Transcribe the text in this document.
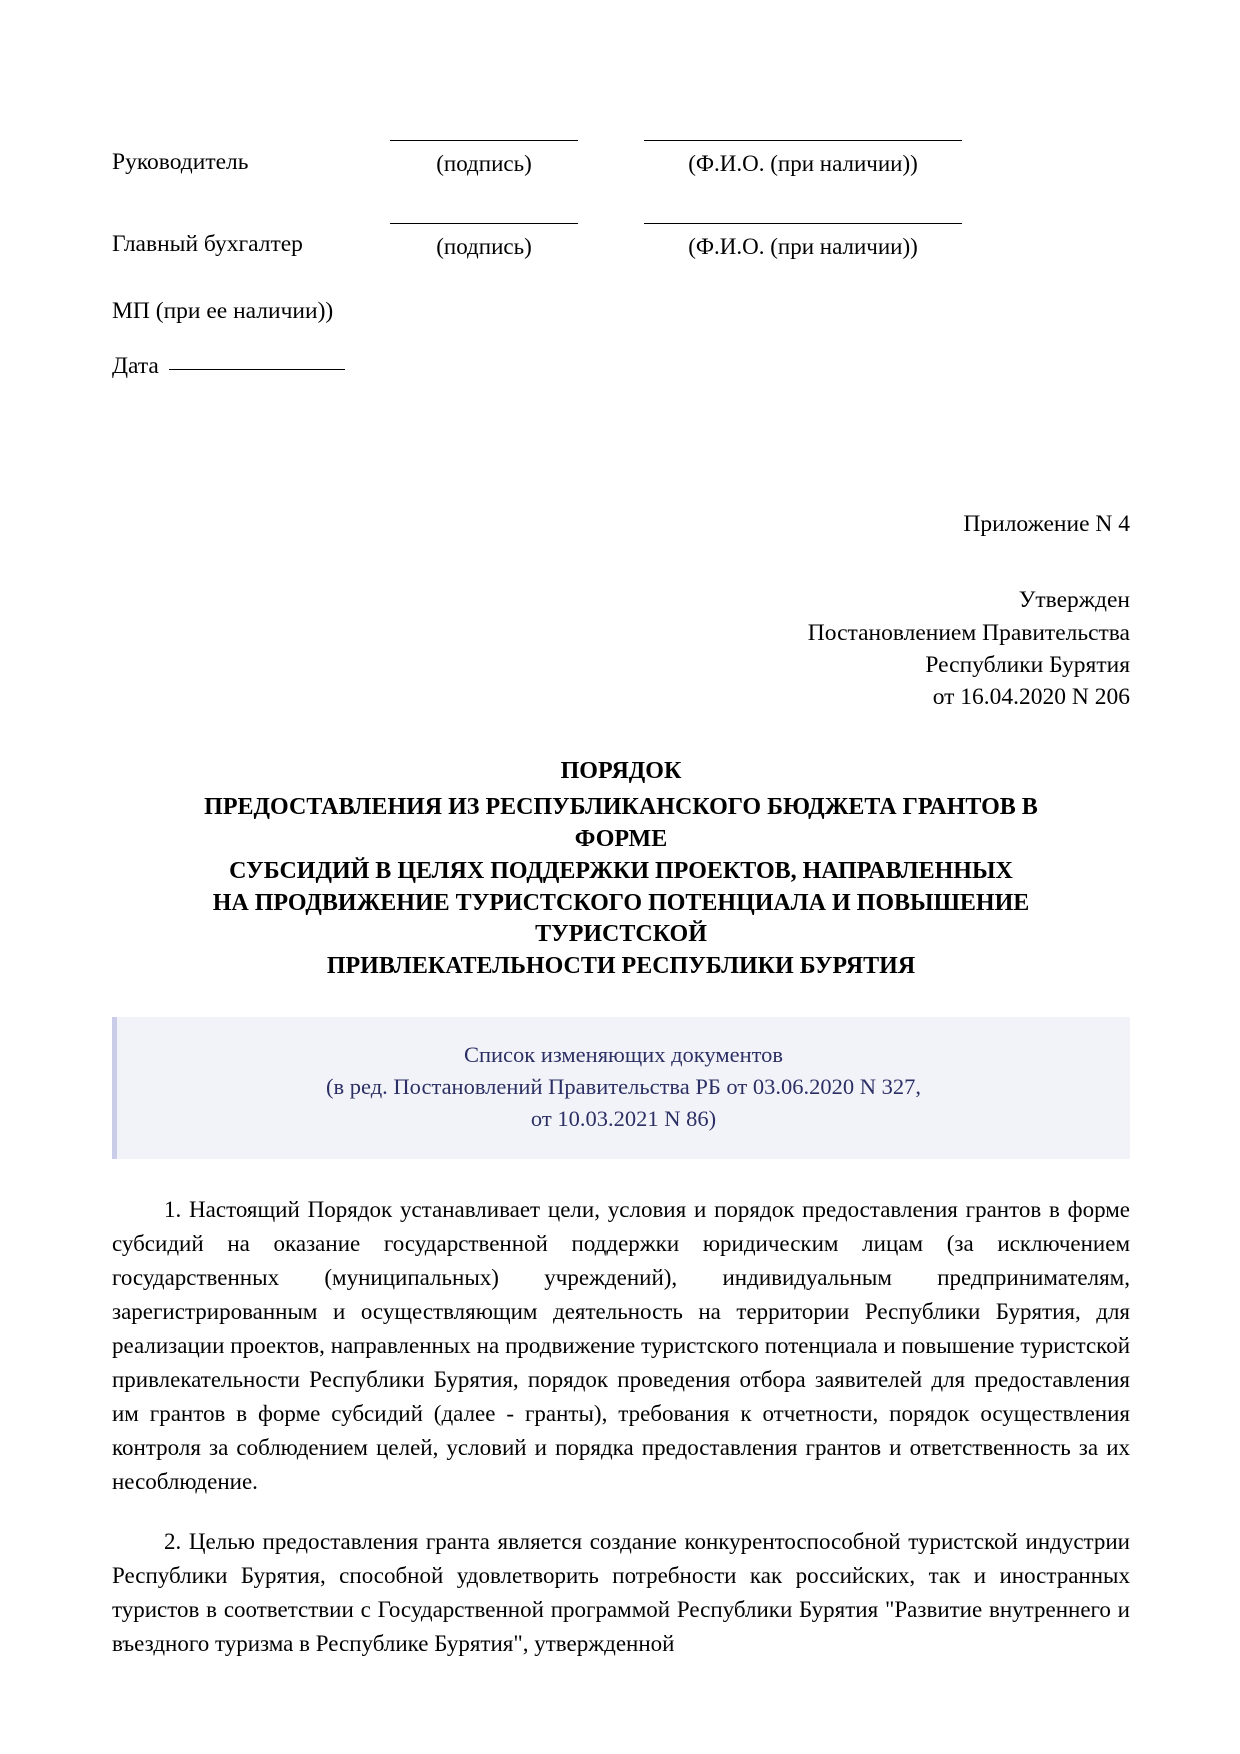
Руководитель	(подпись)	(Ф.И.О. (при наличии))
Главный бухгалтер	(подпись)	(Ф.И.О. (при наличии))
МП (при ее наличии))
Дата
Приложение N 4
Утвержден
Постановлением Правительства
Республики Бурятия
от 16.04.2020 N 206
ПОРЯДОК
ПРЕДОСТАВЛЕНИЯ ИЗ РЕСПУБЛИКАНСКОГО БЮДЖЕТА ГРАНТОВ В
ФОРМЕ
СУБСИДИЙ В ЦЕЛЯХ ПОДДЕРЖКИ ПРОЕКТОВ, НАПРАВЛЕННЫХ
НА ПРОДВИЖЕНИЕ ТУРИСТСКОГО ПОТЕНЦИАЛА И ПОВЫШЕНИЕ
ТУРИСТСКОЙ
ПРИВЛЕКАТЕЛЬНОСТИ РЕСПУБЛИКИ БУРЯТИЯ
Список изменяющих документов
(в ред. Постановлений Правительства РБ от 03.06.2020 N 327,
от 10.03.2021 N 86)

1. Настоящий Порядок устанавливает цели, условия и порядок предоставления грантов в форме субсидий на оказание государственной поддержки юридическим лицам (за исключением государственных (муниципальных) учреждений), индивидуальным предпринимателям, зарегистрированным и осуществляющим деятельность на территории Республики Бурятия, для реализации проектов, направленных на продвижение туристского потенциала и повышение туристской привлекательности Республики Бурятия, порядок проведения отбора заявителей для предоставления им грантов в форме субсидий (далее - гранты), требования к отчетности, порядок осуществления контроля за соблюдением целей, условий и порядка предоставления грантов и ответственность за их несоблюдение.

2. Целью предоставления гранта является создание конкурентоспособной туристской индустрии Республики Бурятия, способной удовлетворить потребности как российских, так и иностранных туристов в соответствии с Государственной программой Республики Бурятия "Развитие внутреннего и въездного туризма в Республике Бурятия", утвержденной
